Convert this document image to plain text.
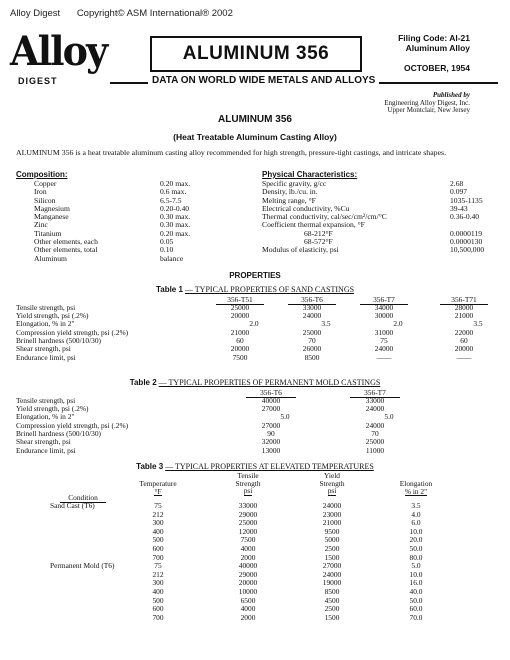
Alloy Digest Copyright© ASM International® 2002
Alloy
DIGEST
ALUMINUM 356
DATA ON WORLD WIDE METALS AND ALLOYS
Filing Code: Al-21
Aluminum Alloy
OCTOBER, 1954
Published by
Engineering Alloy Digest, Inc.
Upper Montclair, New Jersey
ALUMINUM 356
(Heat Treatable Aluminum Casting Alloy)
ALUMINUM 356 is a heat treatable aluminum casting alloy recommended for high strength, pressure-tight castings, and intricate shapes.
Composition:
Copper	0.20 max.
Iron	0.6 max.
Silicon	6.5-7.5
Magnesium	0.20-0.40
Manganese	0.30 max.
Zinc	0.30 max.
Titanium	0.20 max.
Other elements, each	0.05
Other elements, total	0.10
Aluminum	balance
Physical Characteristics:
Specific gravity, g/cc	2.68
Density, lb./cu. in.	0.097
Melting range, °F	1035-1135
Electrical conductivity, %Cu	39-43
Thermal conductivity, cal/sec/cm²/cm/°C	0.36-0.40
Coefficient thermal expansion, °F
68-212°F	0.0000119
68-572°F	0.0000130
Modulus of elasticity, psi	10,500,000
PROPERTIES
Table 1 — TYPICAL PROPERTIES OF SAND CASTINGS
356-T51	356-T6	356-T7	356-T71
Tensile strength, psi	25000	33000	34000	28000
Yield strength, psi (.2%)	20000	24000	30000	21000
Elongation, % in 2"	2.0	3.5	2.0	3.5
Compression yield strength, psi (.2%)	21000	25000	31000	22000
Brinell hardness (500/10/30)	60	70	75	60
Shear strength, psi	20000	26000	24000	20000
Endurance limit, psi	7500	8500	——	——
Table 2 — TYPICAL PROPERTIES OF PERMANENT MOLD CASTINGS
356-T6	356-T7
Tensile strength, psi	40000	33000
Yield strength, psi (.2%)	27000	24000
Elongation, % in 2"	5.0	5.0
Compression yield strength, psi (.2%)	27000	24000
Brinell hardness (500/10/30)	90	70
Shear strength, psi	32000	25000
Endurance limit, psi	13000	11000
Table 3 — TYPICAL PROPERTIES AT ELEVATED TEMPERATURES
Temperature
°F
Tensile
Strength
psi
Yield
Strength
psi
Elongation
% in 2"
Condition
Sand Cast (T6)	75	33000	24000	3.5
212	29000	23000	4.0
300	25000	21000	6.0
400	12000	9500	10.0
500	7500	5000	20.0
600	4000	2500	50.0
700	2000	1500	80.0
Permanent Mold (T6)	75	40000	27000	5.0
212	29000	24000	10.0
300	20000	19000	16.0
400	10000	8500	40.0
500	6500	4500	50.0
600	4000	2500	60.0
700	2000	1500	70.0
